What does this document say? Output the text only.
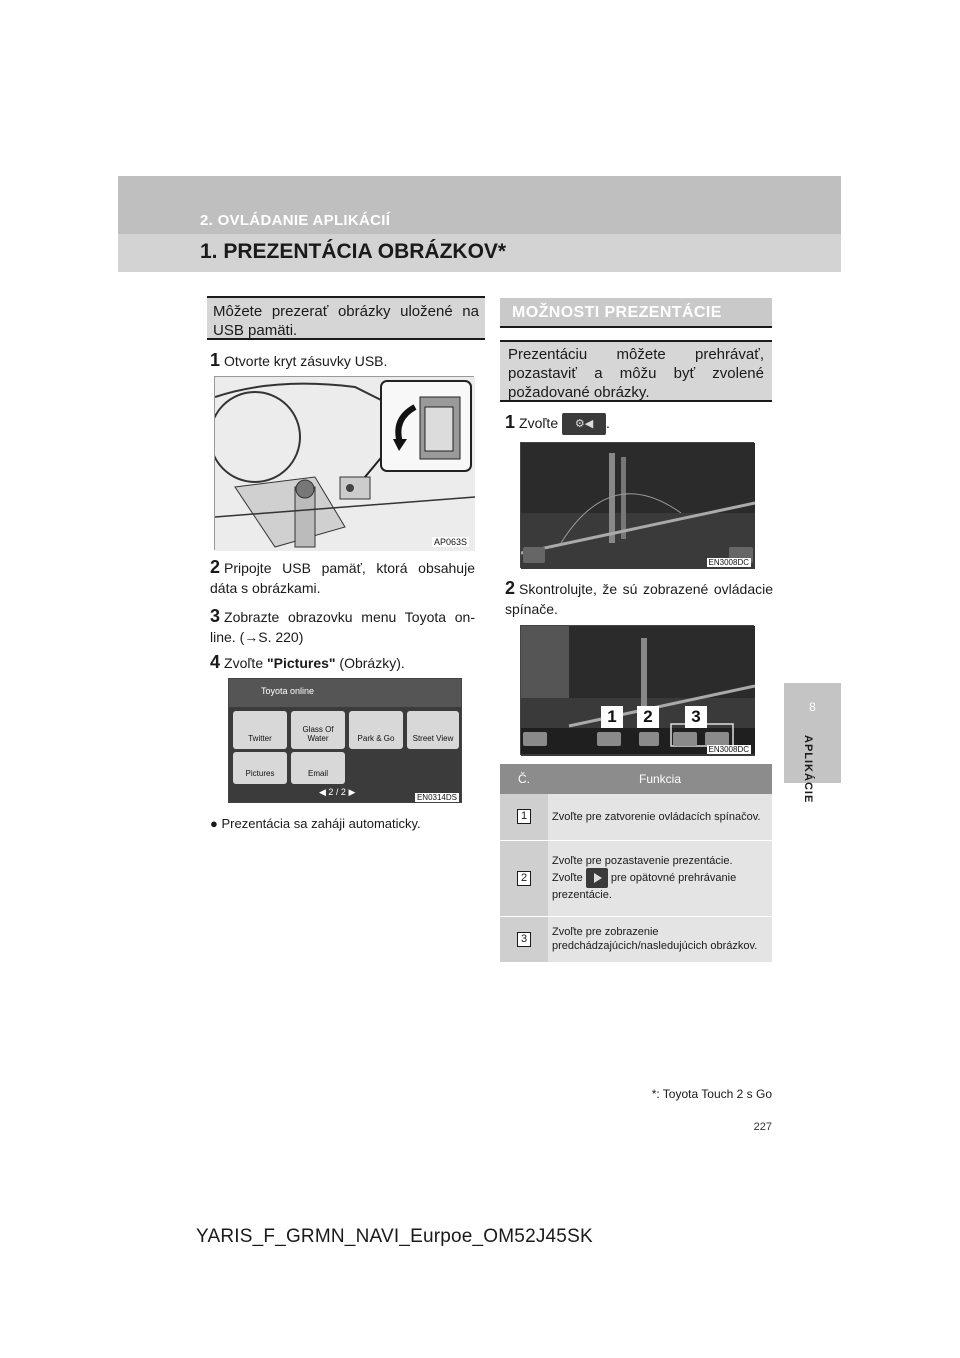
2. OVLÁDANIE APLIKÁCIÍ
1. PREZENTÁCIA OBRÁZKOV*
8
APLIKÁCIE
Môžete prezerať obrázky uložené na USB pamäti.
1 Otvorte kryt zásuvky USB.
AP063S
2 Pripojte USB pamäť, ktorá obsahuje dáta s obrázkami.
3 Zobrazte obrazovku menu Toyota on-line. (→S. 220)
4 Zvoľte "Pictures" (Obrázky).
Toyota online
Twitter
Glass Of Water	Park & Go	Street View
Pictures	Email
◀ 2 / 2 ▶
EN0314DS
● Prezentácia sa zaháji automaticky.
MOŽNOSTI PREZENTÁCIE
Prezentáciu môžete prehrávať, pozastaviť a môžu byť zvolené požadované obrázky.
1 Zvoľte ⚙◀ .
EN3008DC
2 Skontrolujte, že sú zobrazené ovládacie spínače.
1	2	3
EN3008DC
Č.	Funkcia
1	Zvoľte pre zatvorenie ovládacích spínačov.
2	Zvoľte pre pozastavenie prezentácie.
Zvoľte pre opätovné prehrávanie prezentácie.
3	Zvoľte pre zobrazenie predchádzajúcich/nasledujúcich obrázkov.
*: Toyota Touch 2 s Go
227
YARIS_F_GRMN_NAVI_Eurpoe_OM52J45SK
